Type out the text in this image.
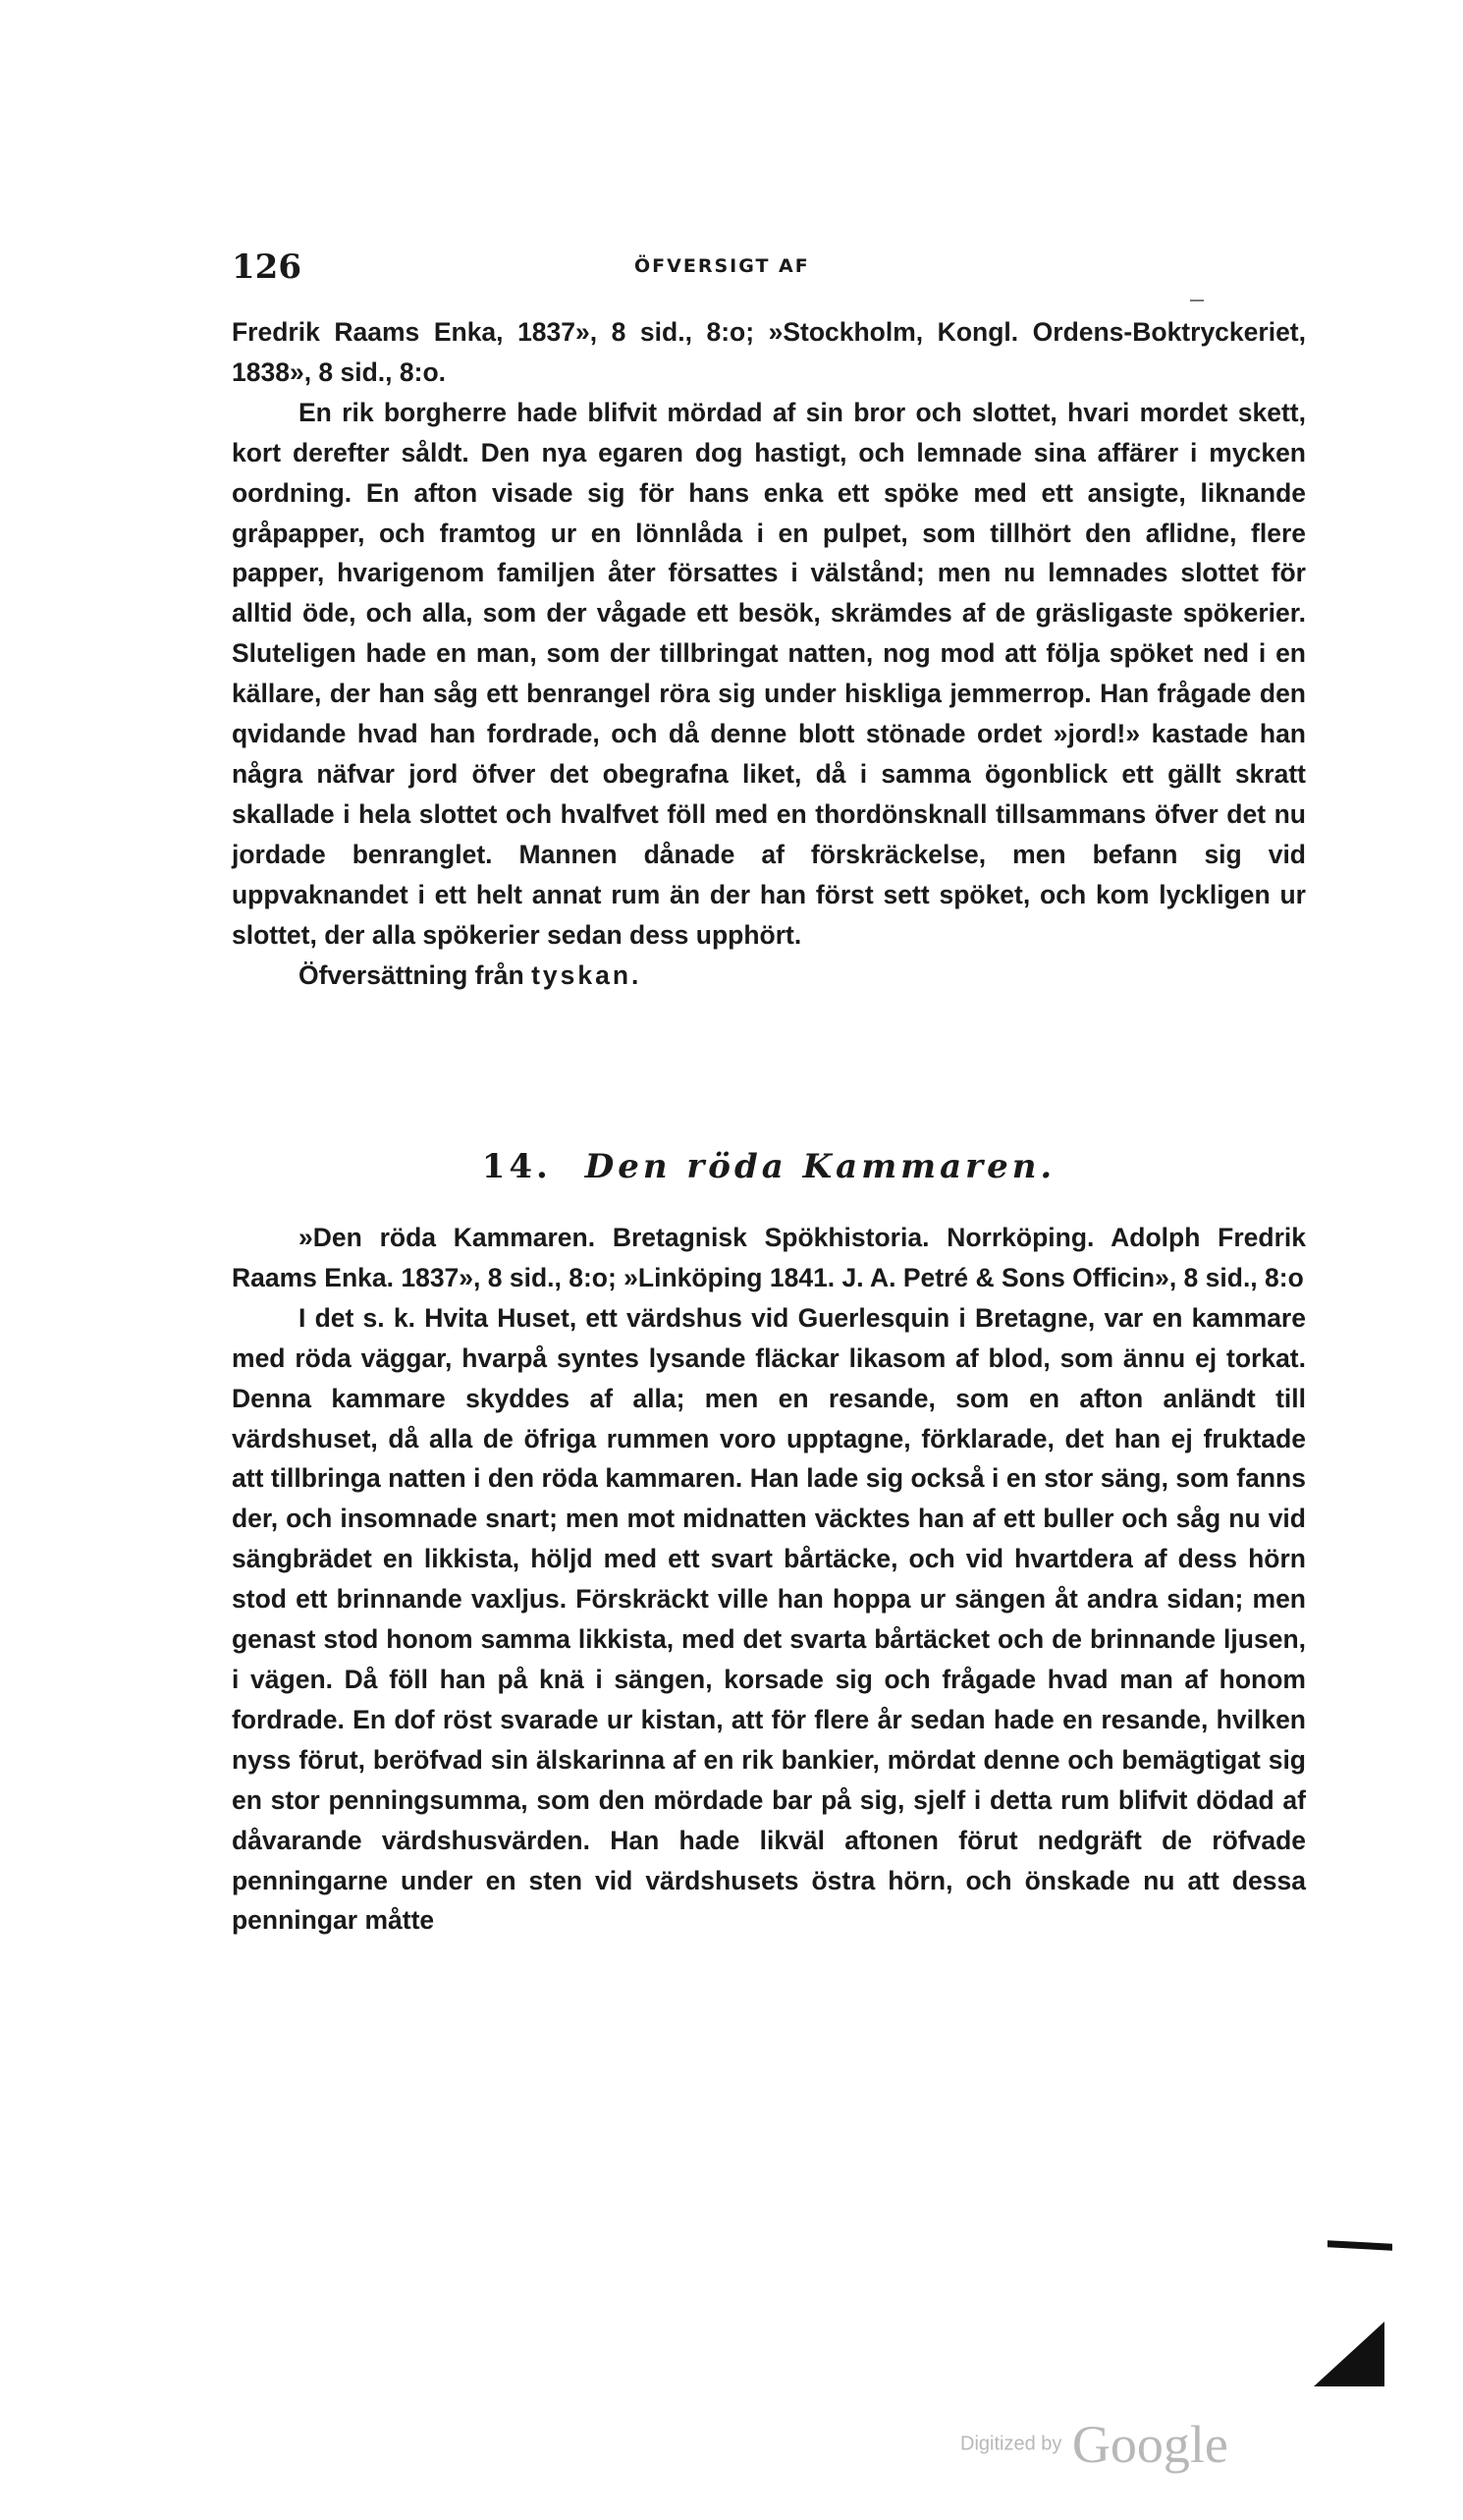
126	ÖFVERSIGT AF

Fredrik Raams Enka, 1837», 8 sid., 8:o; »Stockholm, Kongl. Ordens-Boktryckeriet, 1838», 8 sid., 8:o.

En rik borgherre hade blifvit mördad af sin bror och slottet, hvari mordet skett, kort derefter såldt. Den nya egaren dog hastigt, och lemnade sina affärer i mycken oordning. En afton visade sig för hans enka ett spöke med ett ansigte, liknande gråpapper, och framtog ur en lönnlåda i en pulpet, som tillhört den aflidne, flere papper, hvarigenom familjen åter försattes i välstånd; men nu lemnades slottet för alltid öde, och alla, som der vågade ett besök, skrämdes af de gräsligaste spökerier. Sluteligen hade en man, som der tillbringat natten, nog mod att följa spöket ned i en källare, der han såg ett benrangel röra sig under hiskliga jemmerrop. Han frågade den qvidande hvad han fordrade, och då denne blott stönade ordet »jord!» kastade han några näfvar jord öfver det obegrafna liket, då i samma ögonblick ett gällt skratt skallade i hela slottet och hvalfvet föll med en thordönsknall tillsammans öfver det nu jordade benranglet. Mannen dånade af förskräckelse, men befann sig vid uppvaknandet i ett helt annat rum än der han först sett spöket, och kom lyckligen ur slottet, der alla spökerier sedan dess upphört.

Öfversättning från tyskan.

14. Den röda Kammaren.

»Den röda Kammaren. Bretagnisk Spökhistoria. Norrköping. Adolph Fredrik Raams Enka. 1837», 8 sid., 8:o; »Linköping 1841. J. A. Petré & Sons Officin», 8 sid., 8:o

I det s. k. Hvita Huset, ett värdshus vid Guerlesquin i Bretagne, var en kammare med röda väggar, hvarpå syntes lysande fläckar likasom af blod, som ännu ej torkat. Denna kammare skyddes af alla; men en resande, som en afton anländt till värdshuset, då alla de öfriga rummen voro upptagne, förklarade, det han ej fruktade att tillbringa natten i den röda kammaren. Han lade sig också i en stor säng, som fanns der, och insomnade snart; men mot midnatten väcktes han af ett buller och såg nu vid sängbrädet en likkista, höljd med ett svart bårtäcke, och vid hvartdera af dess hörn stod ett brinnande vaxljus. Förskräckt ville han hoppa ur sängen åt andra sidan; men genast stod honom samma likkista, med det svarta bårtäcket och de brinnande ljusen, i vägen. Då föll han på knä i sängen, korsade sig och frågade hvad man af honom fordrade. En dof röst svarade ur kistan, att för flere år sedan hade en resande, hvilken nyss förut, beröfvad sin älskarinna af en rik bankier, mördat denne och bemägtigat sig en stor penningsumma, som den mördade bar på sig, sjelf i detta rum blifvit dödad af dåvarande värdshusvärden. Han hade likväl aftonen förut nedgräft de röfvade penningarne under en sten vid värdshusets östra hörn, och önskade nu att dessa penningar måtte

Digitized by Google
